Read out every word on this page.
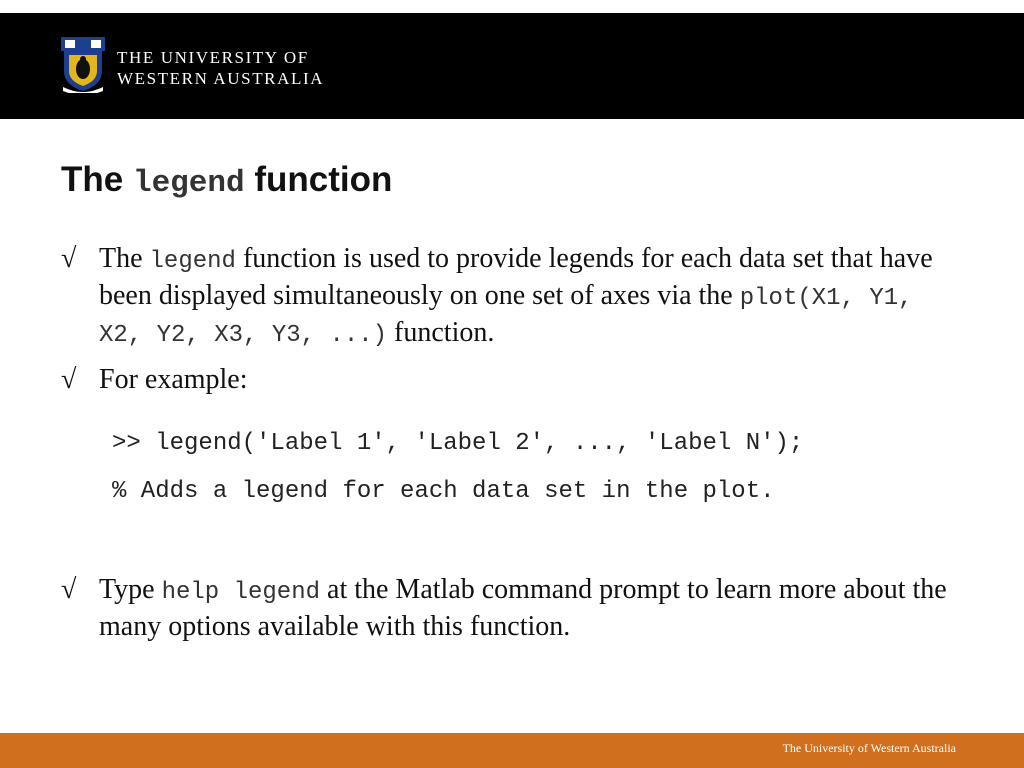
THE UNIVERSITY OF
WESTERN AUSTRALIA
The legend function
√ The legend function is used to provide legends for each data set that have been displayed simultaneously on one set of axes via the plot(X1, Y1, X2, Y2, X3, Y3, ...) function.
√ For example:
>> legend('Label 1', 'Label 2', ..., 'Label N');
% Adds a legend for each data set in the plot.
√ Type help legend at the Matlab command prompt to learn more about the many options available with this function.
The University of Western Australia
